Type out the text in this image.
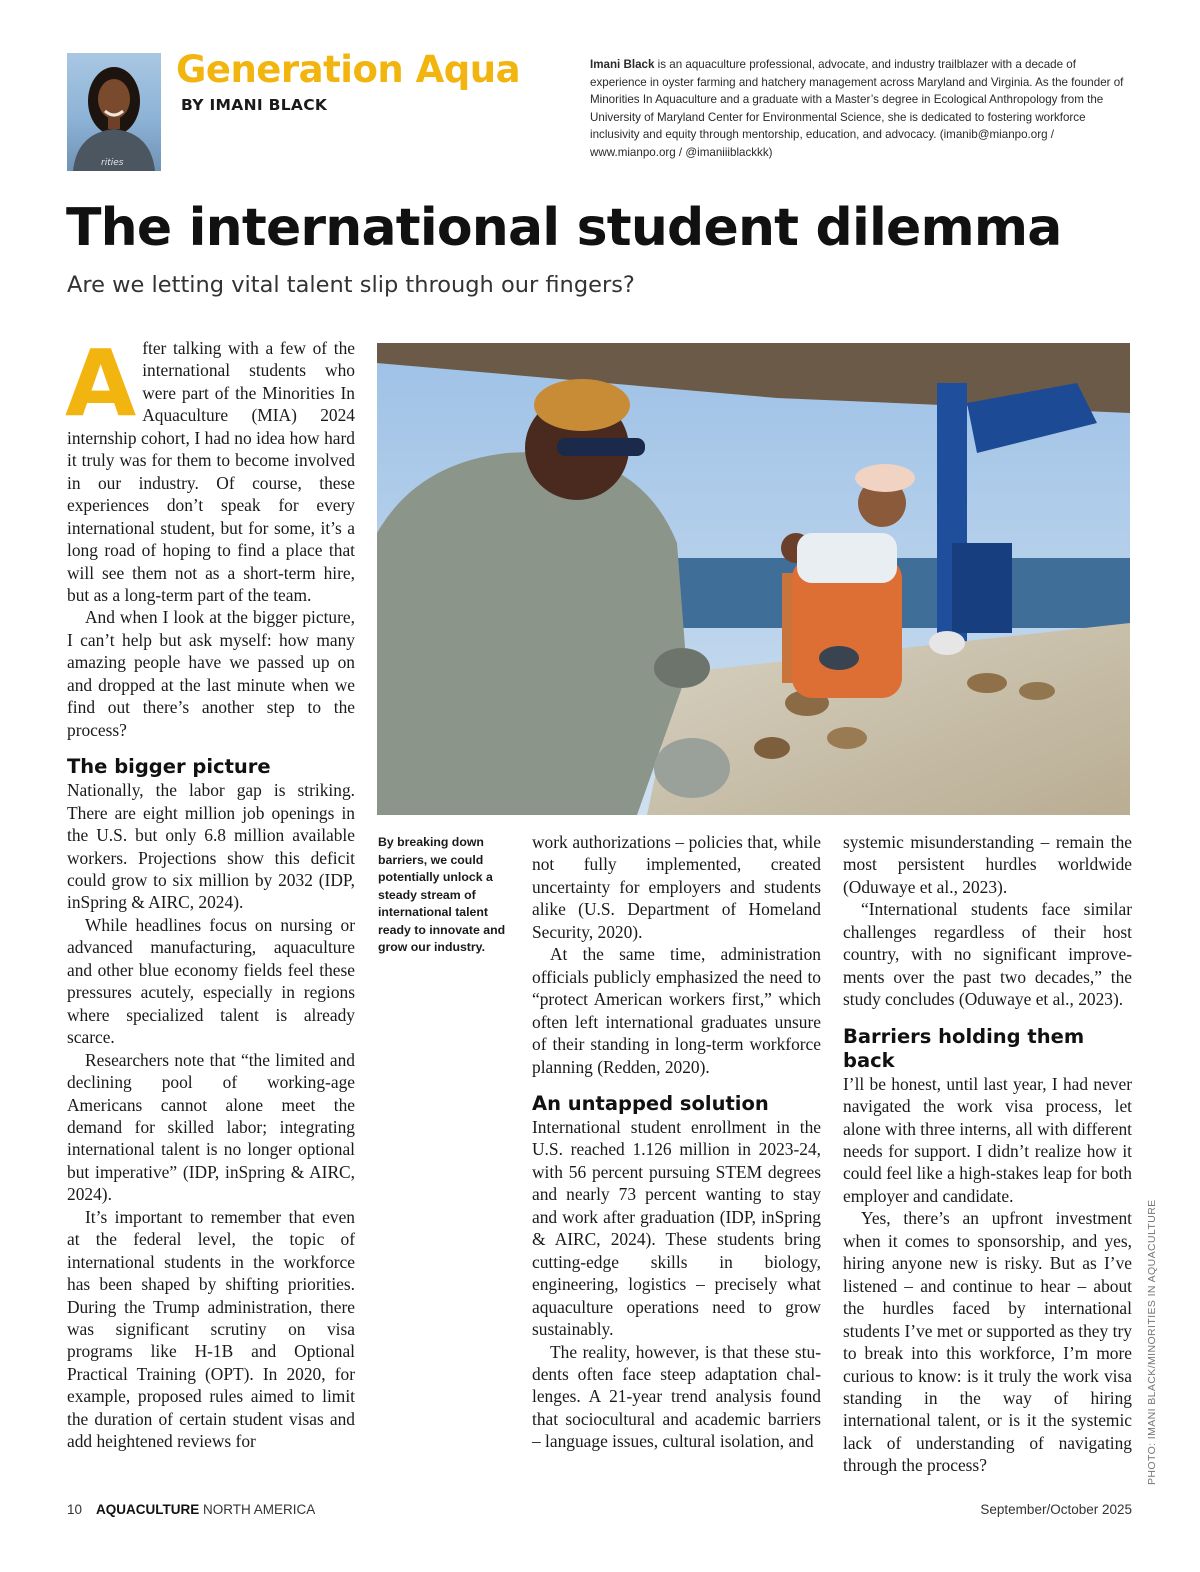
rities
Generation Aqua
BY IMANI BLACK
Imani Black is an aquaculture professional, advocate, and industry trailblazer with a decade of experience in oyster farming and hatchery management across Maryland and Virginia. As the founder of Minorities In Aquaculture and a graduate with a Master’s degree in Ecological Anthropology from the University of Maryland Center for Environmental Science, she is dedicated to fostering workforce inclusivity and equity through mentorship, education, and advocacy. (imanib@mianpo.org / www.mianpo.org / @imaniiiblackkk)
The international student dilemma
Are we letting vital talent slip through our fingers?

After talking with a few of the international students who were part of the Minorities In Aquaculture (MIA) 2024 internship cohort, I had no idea how hard it truly was for them to become involved in our industry. Of course, these experiences don’t speak for every international student, but for some, it’s a long road of hoping to find a place that will see them not as a short-term hire, but as a long-term part of the team.

And when I look at the bigger picture, I can’t help but ask myself: how many amazing people have we passed up on and dropped at the last minute when we find out there’s another step to the process?

The bigger picture

Nationally, the labor gap is striking. There are eight million job openings in the U.S. but only 6.8 million available workers. Projections show this deficit could grow to six million by 2032 (IDP, inSpring & AIRC, 2024).

While headlines focus on nursing or advanced manufacturing, aquaculture and other blue economy fields feel these pressures acutely, especially in regions where specialized talent is already scarce.

Researchers note that “the limited and declining pool of working-age Americans cannot alone meet the demand for skilled labor; integrating international talent is no longer optional but imperative” (IDP, inSpring & AIRC, 2024).

It’s important to remember that even at the federal level, the topic of international students in the workforce has been shaped by shifting priorities. During the Trump administration, there was significant scrutiny on visa programs like H-1B and Optional Practical Training (OPT). In 2020, for example, proposed rules aimed to limit the duration of certain student visas and add heightened reviews for

By breaking down barriers, we could potentially unlock a steady stream of international talent ready to innovate and grow our industry.

work authorizations – policies that, while not fully implemented, created uncertainty for employers and students alike (U.S. Department of Homeland Security, 2020).

At the same time, administration officials publicly emphasized the need to “protect American workers first,” which often left international graduates unsure of their standing in long-term workforce planning (Redden, 2020).

An untapped solution

International student enrollment in the U.S. reached 1.126 million in 2023-24, with 56 percent pursuing STEM degrees and nearly 73 percent wanting to stay and work after graduation (IDP, inSpring & AIRC, 2024). These students bring cutting-edge skills in biology, engineering, logistics – precisely what aquaculture operations need to grow sustainably.

The reality, however, is that these students often face steep adaptation challenges. A 21-year trend analysis found that sociocultural and academic barriers – language issues, cultural isolation, and

systemic misunderstanding – remain the most persistent hurdles worldwide (Oduwaye et al., 2023).

“International students face similar challenges regardless of their host country, with no significant improvements over the past two decades,” the study concludes (Oduwaye et al., 2023).

Barriers holding them back

I’ll be honest, until last year, I had never navigated the work visa process, let alone with three interns, all with different needs for support. I didn’t realize how it could feel like a high-stakes leap for both employer and candidate.

Yes, there’s an upfront investment when it comes to sponsorship, and yes, hiring anyone new is risky. But as I’ve listened – and continue to hear – about the hurdles faced by international students I’ve met or supported as they try to break into this workforce, I’m more curious to know: is it truly the work visa standing in the way of hiring international talent, or is it the systemic lack of understanding of navigating through the process?	PHOTO: IMANI BLACK/MINORITIES IN AQUACULTURE
10 AQUACULTURE NORTH AMERICA	September/October 2025
